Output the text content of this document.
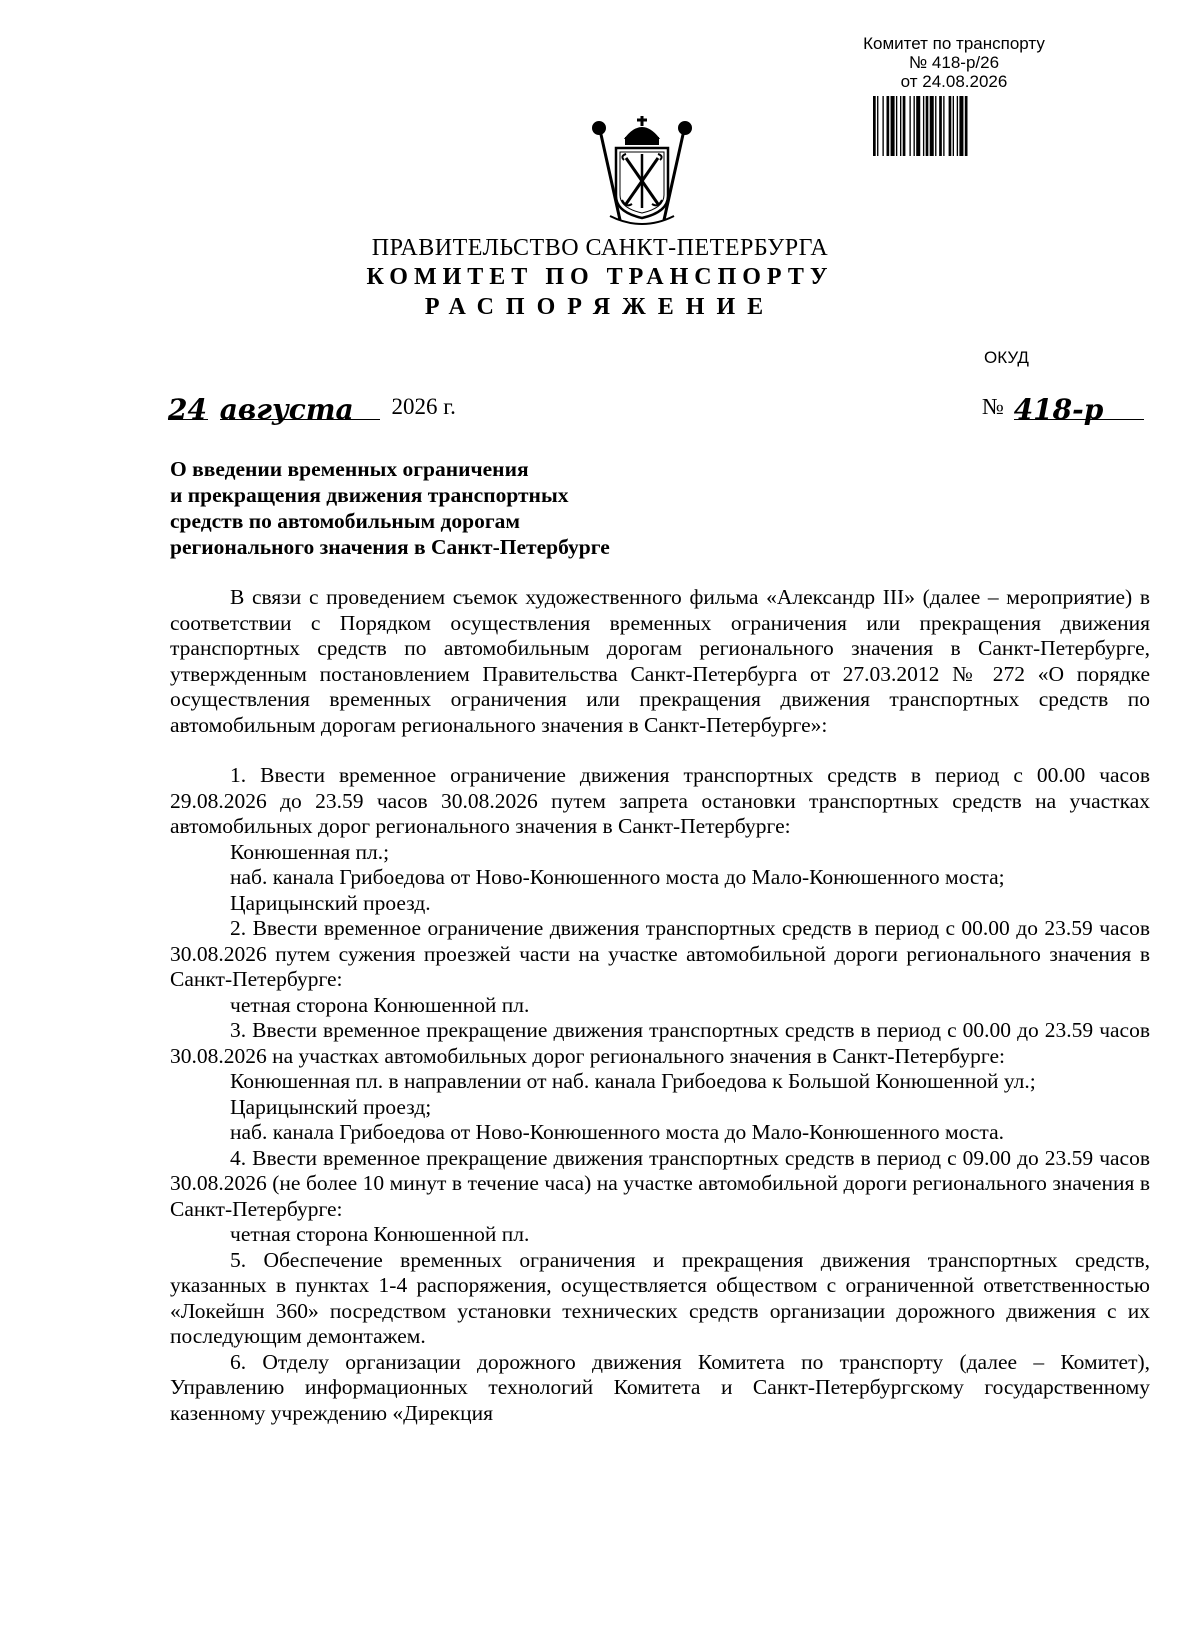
Комитет по транспорту
№ 418-р/26
от 24.08.2026
ПРАВИТЕЛЬСТВО САНКТ-ПЕТЕРБУРГА
КОМИТЕТ ПО ТРАНСПОРТУ
РАСПОРЯЖЕНИЕ
ОКУД
24 августа 2026 г.	№ 418-р
О введении временных ограничения
и прекращения движения транспортных
средств по автомобильным дорогам
регионального значения в Санкт-Петербурге

В связи с проведением съемок художественного фильма «Александр III» (далее – мероприятие) в соответствии с Порядком осуществления временных ограничения или прекращения движения транспортных средств по автомобильным дорогам регионального значения в Санкт-Петербурге, утвержденным постановлением Правительства Санкт-Петербурга от 27.03.2012 № 272 «О порядке осуществления временных ограничения или прекращения движения транспортных средств по автомобильным дорогам регионального значения в Санкт-Петербурге»:

1. Ввести временное ограничение движения транспортных средств в период с 00.00 часов 29.08.2026 до 23.59 часов 30.08.2026 путем запрета остановки транспортных средств на участках автомобильных дорог регионального значения в Санкт-Петербурге:

Конюшенная пл.;

наб. канала Грибоедова от Ново-Конюшенного моста до Мало-Конюшенного моста;

Царицынский проезд.

2. Ввести временное ограничение движения транспортных средств в период с 00.00 до 23.59 часов 30.08.2026 путем сужения проезжей части на участке автомобильной дороги регионального значения в Санкт-Петербурге:

четная сторона Конюшенной пл.

3. Ввести временное прекращение движения транспортных средств в период с 00.00 до 23.59 часов 30.08.2026 на участках автомобильных дорог регионального значения в Санкт-Петербурге:

Конюшенная пл. в направлении от наб. канала Грибоедова к Большой Конюшенной ул.;

Царицынский проезд;

наб. канала Грибоедова от Ново-Конюшенного моста до Мало-Конюшенного моста.

4. Ввести временное прекращение движения транспортных средств в период с 09.00 до 23.59 часов 30.08.2026 (не более 10 минут в течение часа) на участке автомобильной дороги регионального значения в Санкт-Петербурге:

четная сторона Конюшенной пл.

5. Обеспечение временных ограничения и прекращения движения транспортных средств, указанных в пунктах 1-4 распоряжения, осуществляется обществом с ограниченной ответственностью «Локейшн 360» посредством установки технических средств организации дорожного движения с их последующим демонтажем.

6. Отделу организации дорожного движения Комитета по транспорту (далее – Комитет), Управлению информационных технологий Комитета и Санкт-Петербургскому государственному казенному учреждению «Дирекция
